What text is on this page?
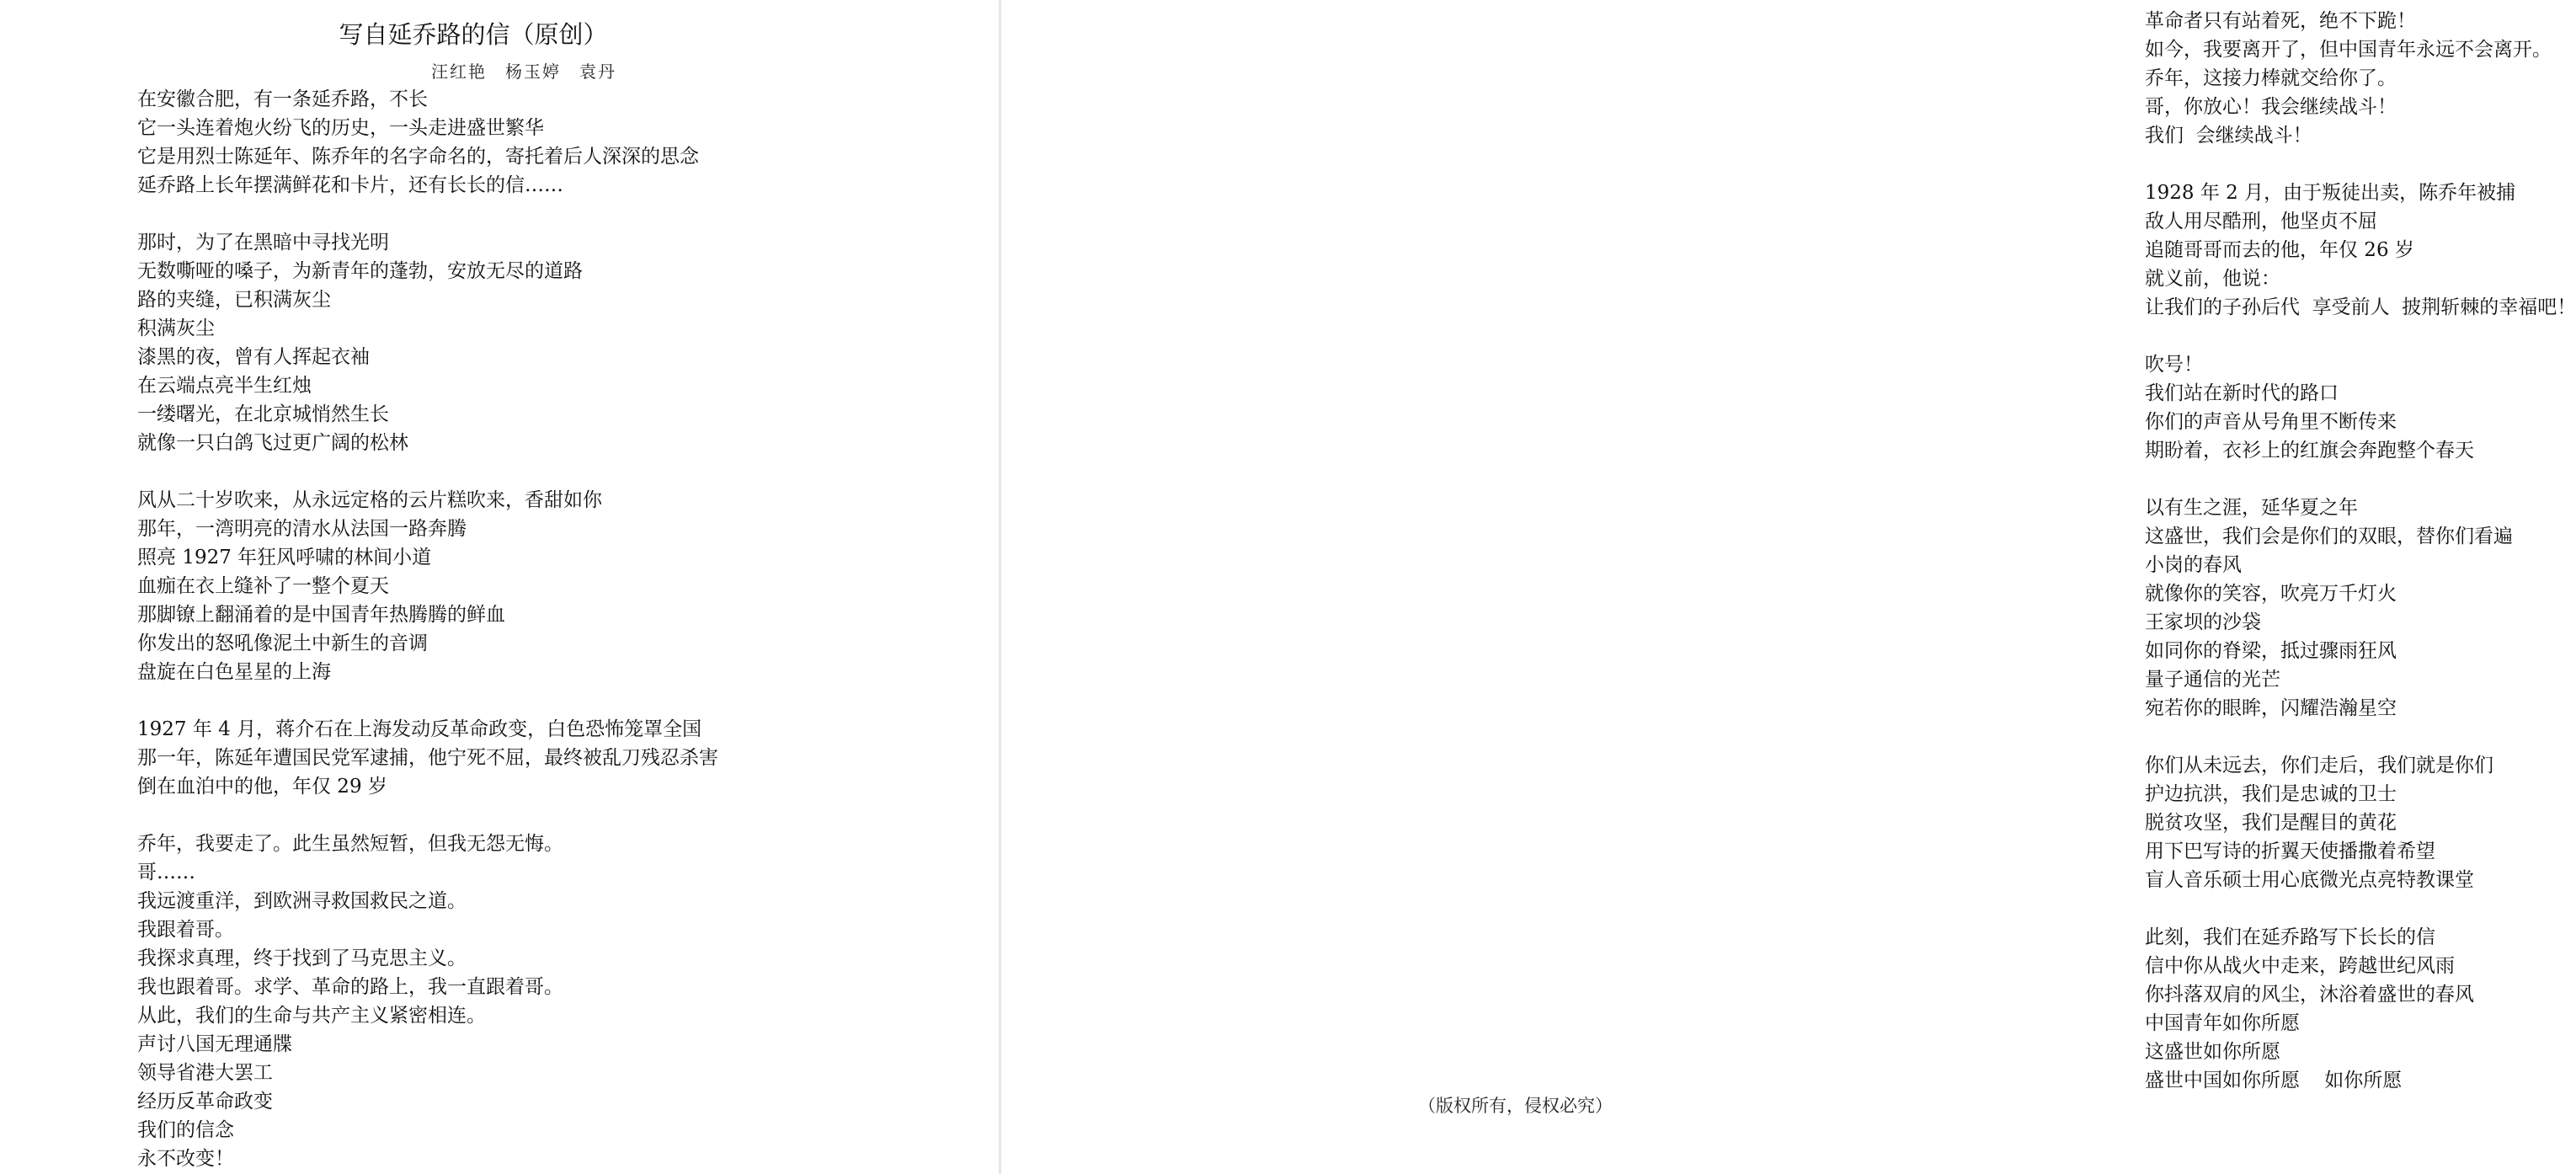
写自延乔路的信（原创）
汪红艳　杨玉婷　袁丹
在安徽合肥，有一条延乔路，不长
它一头连着炮火纷飞的历史，一头走进盛世繁华
它是用烈士陈延年、陈乔年的名字命名的，寄托着后人深深的思念
延乔路上长年摆满鲜花和卡片，还有长长的信……
那时，为了在黑暗中寻找光明
无数嘶哑的嗓子，为新青年的蓬勃，安放无尽的道路
路的夹缝，已积满灰尘
积满灰尘
漆黑的夜，曾有人挥起衣袖
在云端点亮半生红烛
一缕曙光，在北京城悄然生长
就像一只白鸽飞过更广阔的松林
风从二十岁吹来，从永远定格的云片糕吹来，香甜如你
那年，一湾明亮的清水从法国一路奔腾
照亮 1927 年狂风呼啸的林间小道
血痂在衣上缝补了一整个夏天
那脚镣上翻涌着的是中国青年热腾腾的鲜血
你发出的怒吼像泥土中新生的音调
盘旋在白色星星的上海
1927 年 4 月，蒋介石在上海发动反革命政变，白色恐怖笼罩全国
那一年，陈延年遭国民党军逮捕，他宁死不屈，最终被乱刀残忍杀害
倒在血泊中的他，年仅 29 岁
乔年，我要走了。此生虽然短暂，但我无怨无悔。
哥……
我远渡重洋，到欧洲寻救国救民之道。
我跟着哥。
我探求真理，终于找到了马克思主义。
我也跟着哥。求学、革命的路上，我一直跟着哥。
从此，我们的生命与共产主义紧密相连。
声讨八国无理通牒
领导省港大罢工
经历反革命政变
我们的信念
永不改变！
革命者只有站着死，绝不下跪！
如今，我要离开了，但中国青年永远不会离开。
乔年，这接力棒就交给你了。
哥，你放心！我会继续战斗！
我们  会继续战斗！
1928 年 2 月，由于叛徒出卖，陈乔年被捕
敌人用尽酷刑，他坚贞不屈
追随哥哥而去的他，年仅 26 岁
就义前，他说：
让我们的子孙后代  享受前人  披荆斩棘的幸福吧！
吹号！
我们站在新时代的路口
你们的声音从号角里不断传来
期盼着，衣衫上的红旗会奔跑整个春天
以有生之涯，延华夏之年
这盛世，我们会是你们的双眼，替你们看遍
小岗的春风
就像你的笑容，吹亮万千灯火
王家坝的沙袋
如同你的脊梁，抵过骤雨狂风
量子通信的光芒
宛若你的眼眸，闪耀浩瀚星空
你们从未远去，你们走后，我们就是你们
护边抗洪，我们是忠诚的卫士
脱贫攻坚，我们是醒目的黄花
用下巴写诗的折翼天使播撒着希望
盲人音乐硕士用心底微光点亮特教课堂
此刻，我们在延乔路写下长长的信
信中你从战火中走来，跨越世纪风雨
你抖落双肩的风尘，沐浴着盛世的春风
中国青年如你所愿
这盛世如你所愿
盛世中国如你所愿    如你所愿
（版权所有，侵权必究）
